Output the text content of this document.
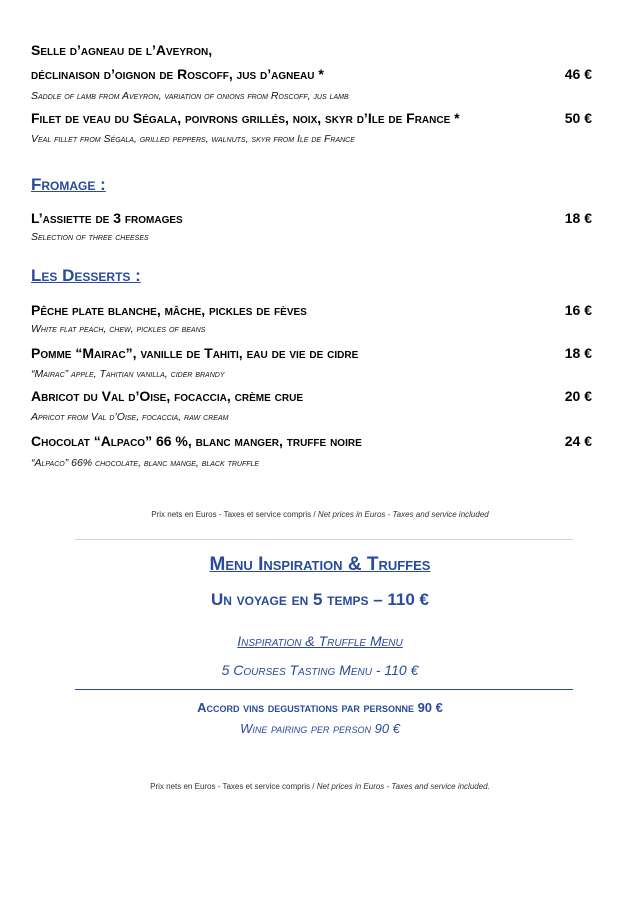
Selle d’agneau de l’Aveyron,
déclinaison d’oignon de Roscoff, jus d’agneau *	46 €
Saddle of lamb from Aveyron, variation of onions from Roscoff, jus lamb
Filet de veau du Ségala, poivrons grillés, noix, skyr d’Ile de France *	50 €
Veal fillet from Ségala, grilled peppers, walnuts, skyr from Ile de France
Fromage :
L’assiette de 3 fromages	18 €
Selection of three cheeses
Les Desserts :
Pêche plate blanche, mâche, pickles de fèves	16 €
White flat peach, chew, pickles of beans
Pomme “Mairac”, vanille de Tahiti, eau de vie de cidre	18 €
“Mairac” apple, Tahitian vanilla, cider brandy
Abricot du Val d’Oise, focaccia, crème crue	20 €
Apricot from Val d’Oise, focaccia, raw cream
Chocolat “Alpaco” 66 %, blanc manger, truffe noire	24 €
“Alpaco” 66% chocolate, blanc mange, black truffle
Prix nets en Euros - Taxes et service compris / Net prices in Euros - Taxes and service included
Menu Inspiration & Truffes
Un voyage en 5 temps – 110 €
Inspiration & Truffle Menu
5 Courses Tasting Menu - 110 €
Accord vins degustations par personne 90 €
Wine pairing per person 90 €
Prix nets en Euros - Taxes et service compris / Net prices in Euros - Taxes and service included.
